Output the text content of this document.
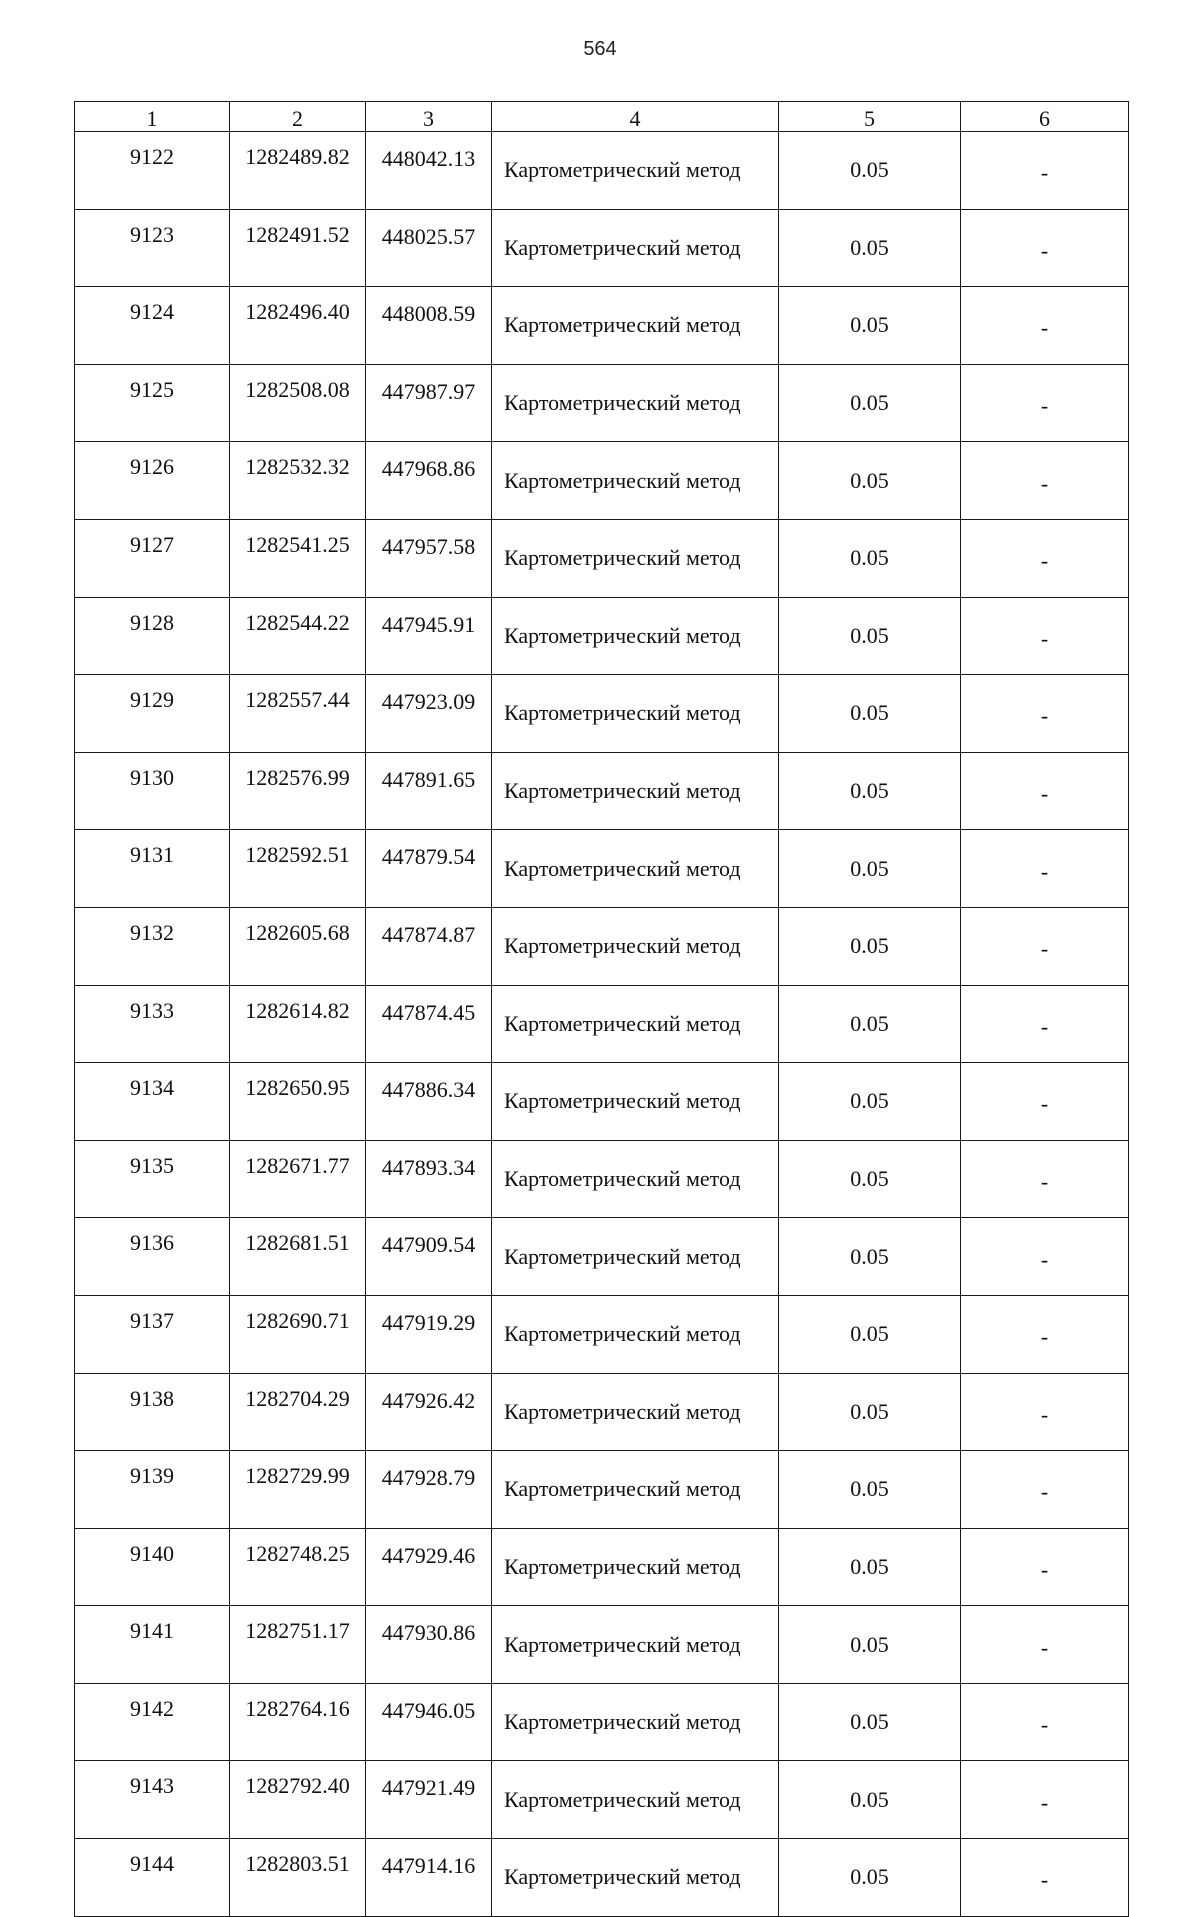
564
1	2	3	4	5	6
9122	1282489.82	448042.13	Картометрический метод	0.05	-
9123	1282491.52	448025.57	Картометрический метод	0.05	-
9124	1282496.40	448008.59	Картометрический метод	0.05	-
9125	1282508.08	447987.97	Картометрический метод	0.05	-
9126	1282532.32	447968.86	Картометрический метод	0.05	-
9127	1282541.25	447957.58	Картометрический метод	0.05	-
9128	1282544.22	447945.91	Картометрический метод	0.05	-
9129	1282557.44	447923.09	Картометрический метод	0.05	-
9130	1282576.99	447891.65	Картометрический метод	0.05	-
9131	1282592.51	447879.54	Картометрический метод	0.05	-
9132	1282605.68	447874.87	Картометрический метод	0.05	-
9133	1282614.82	447874.45	Картометрический метод	0.05	-
9134	1282650.95	447886.34	Картометрический метод	0.05	-
9135	1282671.77	447893.34	Картометрический метод	0.05	-
9136	1282681.51	447909.54	Картометрический метод	0.05	-
9137	1282690.71	447919.29	Картометрический метод	0.05	-
9138	1282704.29	447926.42	Картометрический метод	0.05	-
9139	1282729.99	447928.79	Картометрический метод	0.05	-
9140	1282748.25	447929.46	Картометрический метод	0.05	-
9141	1282751.17	447930.86	Картометрический метод	0.05	-
9142	1282764.16	447946.05	Картометрический метод	0.05	-
9143	1282792.40	447921.49	Картометрический метод	0.05	-
9144	1282803.51	447914.16	Картометрический метод	0.05	-
